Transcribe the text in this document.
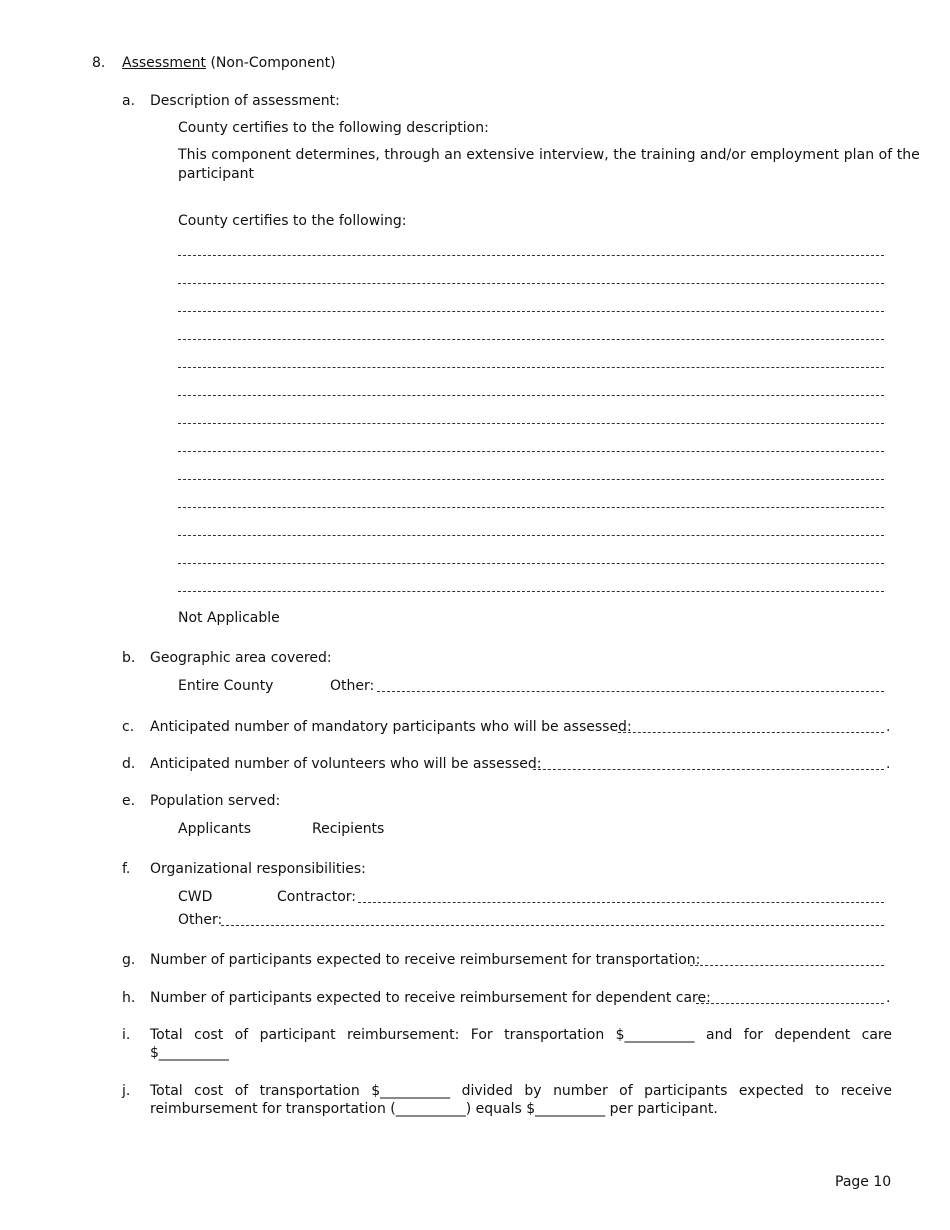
8. Assessment (Non-Component)
a. Description of assessment:
County certifies to the following description:
This component determines, through an extensive interview, the training and/or employment plan of the
participant
County certifies to the following:
Not Applicable
b. Geographic area covered:
Entire County	Other:
c. Anticipated number of mandatory participants who will be assessed:	.
d. Anticipated number of volunteers who will be assessed:	.
e. Population served:
Applicants	Recipients
f. Organizational responsibilities:
CWD	Contractor:
Other:
g. Number of participants expected to receive reimbursement for transportation:
h. Number of participants expected to receive reimbursement for dependent care:	.
i. Total cost of participant reimbursement: For transportation $__________ and for dependent care
$__________
j. Total cost of transportation $__________ divided by number of participants expected to receive
reimbursement for transportation (__________) equals $__________ per participant.
Page 10
